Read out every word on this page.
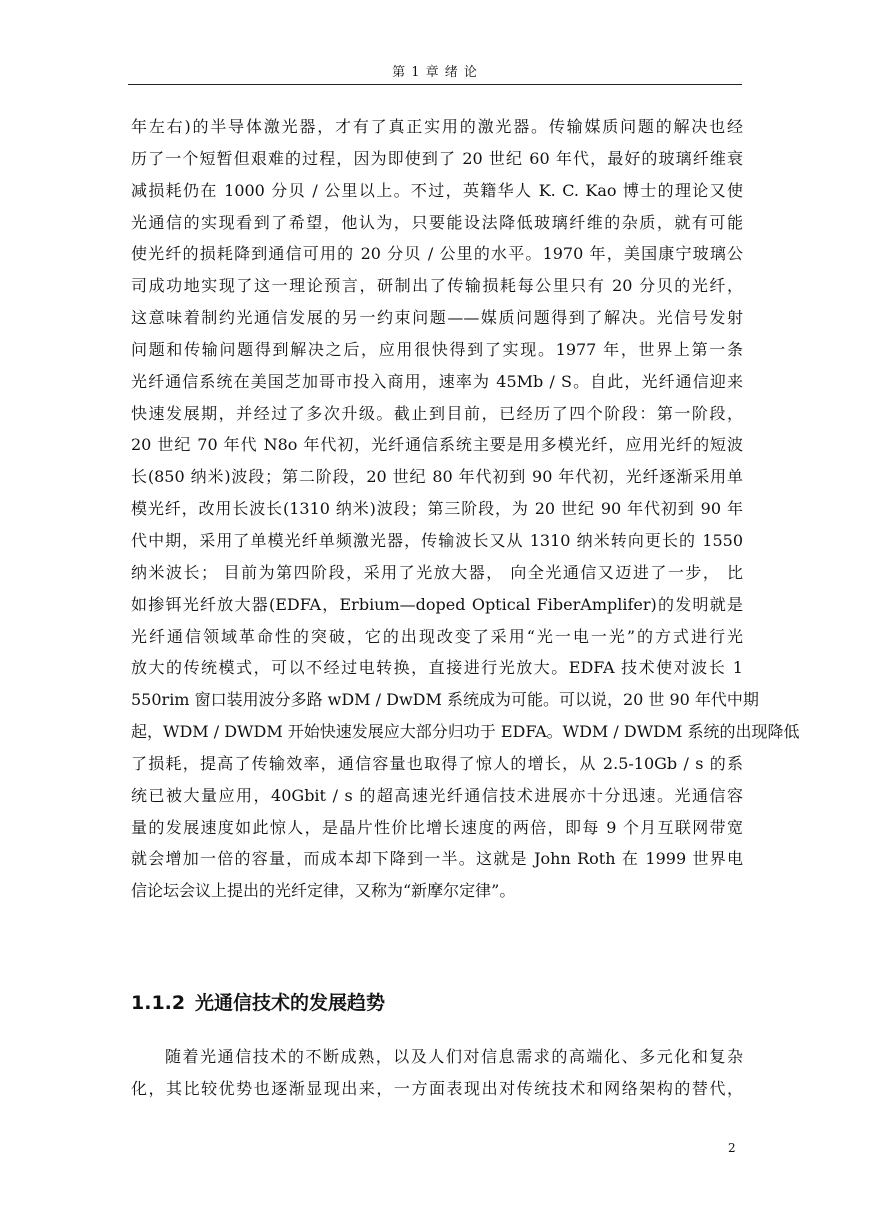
第 1 章 绪 论
年左右)的半导体激光器，才有了真正实用的激光器。传输媒质问题的解决也经
历了一个短暂但艰难的过程，因为即使到了 20 世纪 60 年代，最好的玻璃纤维衰
减损耗仍在 1000 分贝 / 公里以上。不过，英籍华人 K. C. Kao 博士的理论又使
光通信的实现看到了希望，他认为，只要能设法降低玻璃纤维的杂质，就有可能
使光纤的损耗降到通信可用的 20 分贝 / 公里的水平。1970 年，美国康宁玻璃公
司成功地实现了这一理论预言，研制出了传输损耗每公里只有 20 分贝的光纤，
这意味着制约光通信发展的另一约束问题——媒质问题得到了解决。光信号发射
问题和传输问题得到解决之后，应用很快得到了实现。1977 年，世界上第一条
光纤通信系统在美国芝加哥市投入商用，速率为 45Mb / S。自此，光纤通信迎来
快速发展期，并经过了多次升级。截止到目前，已经历了四个阶段：第一阶段，
20 世纪 70 年代 N8o 年代初，光纤通信系统主要是用多模光纤，应用光纤的短波
长(850 纳米)波段；第二阶段，20 世纪 80 年代初到 90 年代初，光纤逐渐采用单
模光纤，改用长波长(1310 纳米)波段；第三阶段，为 20 世纪 90 年代初到 90 年
代中期，采用了单模光纤单频激光器，传输波长又从 1310 纳米转向更长的 1550
纳米波长； 目前为第四阶段，采用了光放大器， 向全光通信又迈进了一步， 比
如掺铒光纤放大器(EDFA，Erbium—doped Optical FiberAmplifer)的发明就是
光纤通信领域革命性的突破，它的出现改变了采用“光一电一光”的方式进行光
放大的传统模式，可以不经过电转换，直接进行光放大。EDFA 技术使对波长 1
550rim 窗口装用波分多路 wDM / DwDM 系统成为可能。可以说，20 世 90 年代中期
起，WDM / DWDM 开始快速发展应大部分归功于 EDFA。WDM / DWDM 系统的出现降低
了损耗，提高了传输效率，通信容量也取得了惊人的增长，从 2.5-10Gb / s 的系
统已被大量应用，40Gbit / s 的超高速光纤通信技术进展亦十分迅速。光通信容
量的发展速度如此惊人，是晶片性价比增长速度的两倍，即每 9 个月互联网带宽
就会增加一倍的容量，而成本却下降到一半。这就是 John Roth 在 1999 世界电
信论坛会议上提出的光纤定律，又称为“新摩尔定律”。
1.1.2 光通信技术的发展趋势
随着光通信技术的不断成熟，以及人们对信息需求的高端化、多元化和复杂
化，其比较优势也逐渐显现出来，一方面表现出对传统技术和网络架构的替代，
2
